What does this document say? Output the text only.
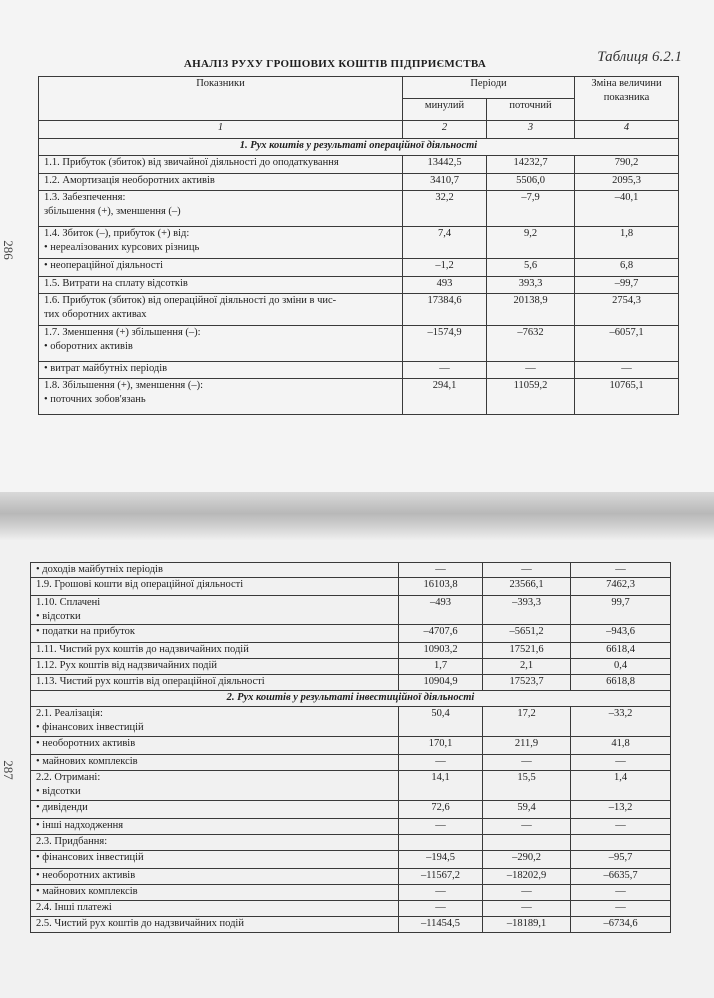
286
Таблиця 6.2.1
АНАЛІЗ РУХУ ГРОШОВИХ КОШТІВ ПІДПРИЄМСТВА
Показники	Періоди		Зміна величини показника
	минулий	поточний	
1	2	3	4
1. Рух коштів у результаті операційної діяльності			

1.1. Прибуток (збиток) від звичайної діяльності до оподаткування	13442,5	14232,7	790,2

1.2. Амортизація необоротних активів	3410,7	5506,0	2095,3

1.3. Забезпечення:
збільшення (+), зменшення (–)	32,2	–7,9	–40,1

1.4. Збиток (–), прибуток (+) від:
• нереалізованих курсових різниць	7,4	9,2	1,8

• неопераційної діяльності	–1,2	5,6	6,8

1.5. Витрати на сплату відсотків	493	393,3	–99,7

1.6. Прибуток (збиток) від операційної діяльності до зміни в чис-
тих оборотних активах	17384,6	20138,9	2754,3

1.7. Зменшення (+) збільшення (–):
• оборотних активів	–1574,9	–7632	–6057,1

• витрат майбутніх періодів	—	—	—

1.8. Збільшення (+), зменшення (–):
• поточних зобов'язань	294,1	11059,2	10765,1
287
• доходів майбутніх періодів	—	—	—

1.9. Грошові кошти від операційної діяльності	16103,8	23566,1	7462,3

1.10. Сплачені
• відсотки	–493	–393,3	99,7

• податки на прибуток	–4707,6	–5651,2	–943,6

1.11. Чистий рух коштів до надзвичайних подій	10903,2	17521,6	6618,4

1.12. Рух коштів від надзвичайних подій	1,7	2,1	0,4

1.13. Чистий рух коштів від операційної діяльності	10904,9	17523,7	6618,8
2. Рух коштів у результаті інвестиційної діяльності			

2.1. Реалізація:
• фінансових інвестицій	50,4	17,2	–33,2

• необоротних активів	170,1	211,9	41,8

• майнових комплексів	—	—	—

2.2. Отримані:
• відсотки	14,1	15,5	1,4

• дивіденди	72,6	59,4	–13,2

• інші надходження	—	—	—

2.3. Придбання:			

• фінансових інвестицій	–194,5	–290,2	–95,7

• необоротних активів	–11567,2	–18202,9	–6635,7

• майнових комплексів	—	—	—

2.4. Інші платежі	—	—	—

2.5. Чистий рух коштів до надзвичайних подій	–11454,5	–18189,1	–6734,6
